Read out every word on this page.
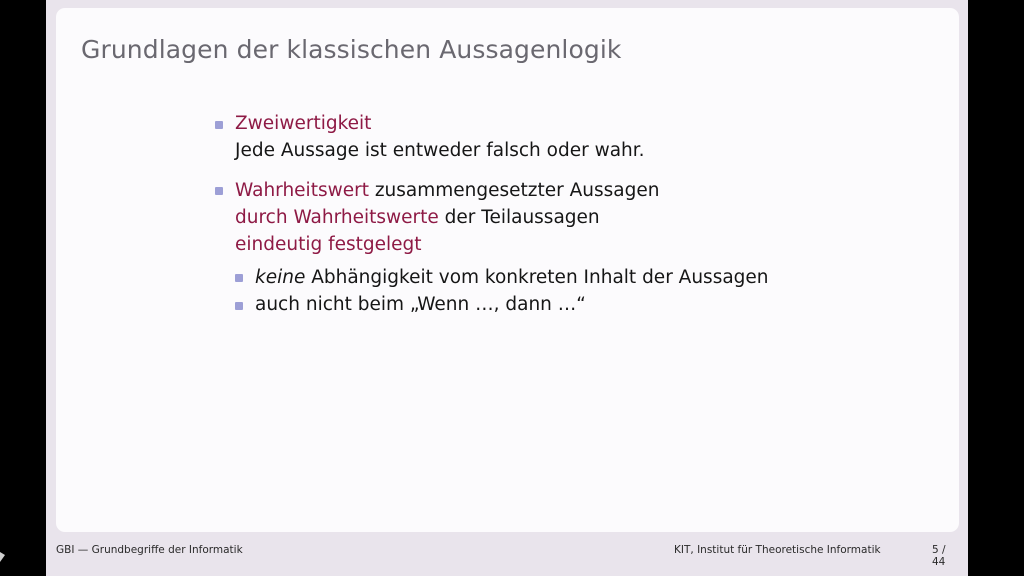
Grundlagen der klassischen Aussagenlogik
Zweiwertigkeit
Jede Aussage ist entweder falsch oder wahr.
Wahrheitswert zusammengesetzter Aussagen
durch Wahrheitswerte der Teilaussagen
eindeutig festgelegt
keine Abhängigkeit vom konkreten Inhalt der Aussagen
auch nicht beim „Wenn …, dann …“
GBI — Grundbegriffe der Informatik	KIT, Institut für Theoretische Informatik	5 / 44
